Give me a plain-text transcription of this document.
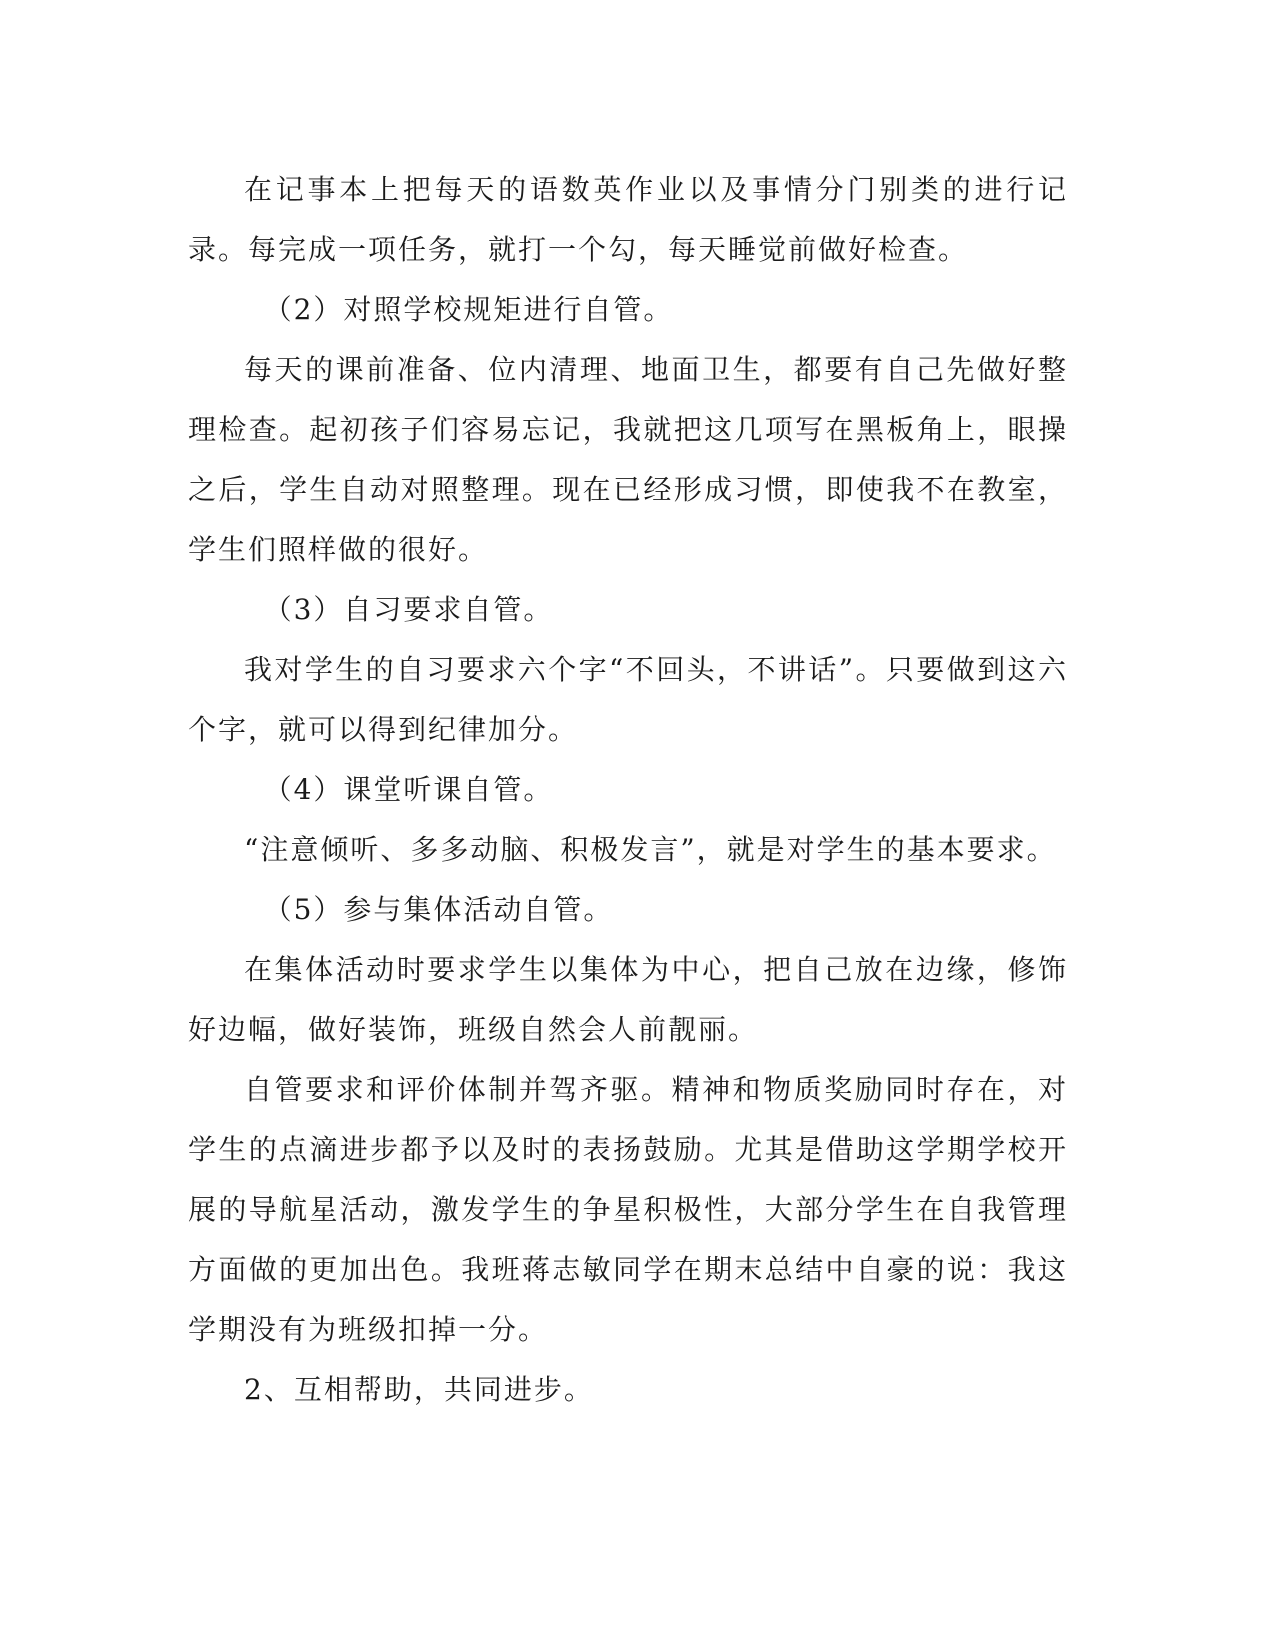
在记事本上把每天的语数英作业以及事情分门别类的进行记录。每完成一项任务，就打一个勾，每天睡觉前做好检查。

（2）对照学校规矩进行自管。

每天的课前准备、位内清理、地面卫生，都要有自己先做好整理检查。起初孩子们容易忘记，我就把这几项写在黑板角上，眼操之后，学生自动对照整理。现在已经形成习惯，即使我不在教室，学生们照样做的很好。

（3）自习要求自管。

我对学生的自习要求六个字“不回头，不讲话”。只要做到这六个字，就可以得到纪律加分。

（4）课堂听课自管。

“注意倾听、多多动脑、积极发言”，就是对学生的基本要求。

（5）参与集体活动自管。

在集体活动时要求学生以集体为中心，把自己放在边缘，修饰好边幅，做好装饰，班级自然会人前靓丽。

自管要求和评价体制并驾齐驱。精神和物质奖励同时存在，对学生的点滴进步都予以及时的表扬鼓励。尤其是借助这学期学校开展的导航星活动，激发学生的争星积极性，大部分学生在自我管理方面做的更加出色。我班蒋志敏同学在期末总结中自豪的说：我这学期没有为班级扣掉一分。

2、互相帮助，共同进步。
